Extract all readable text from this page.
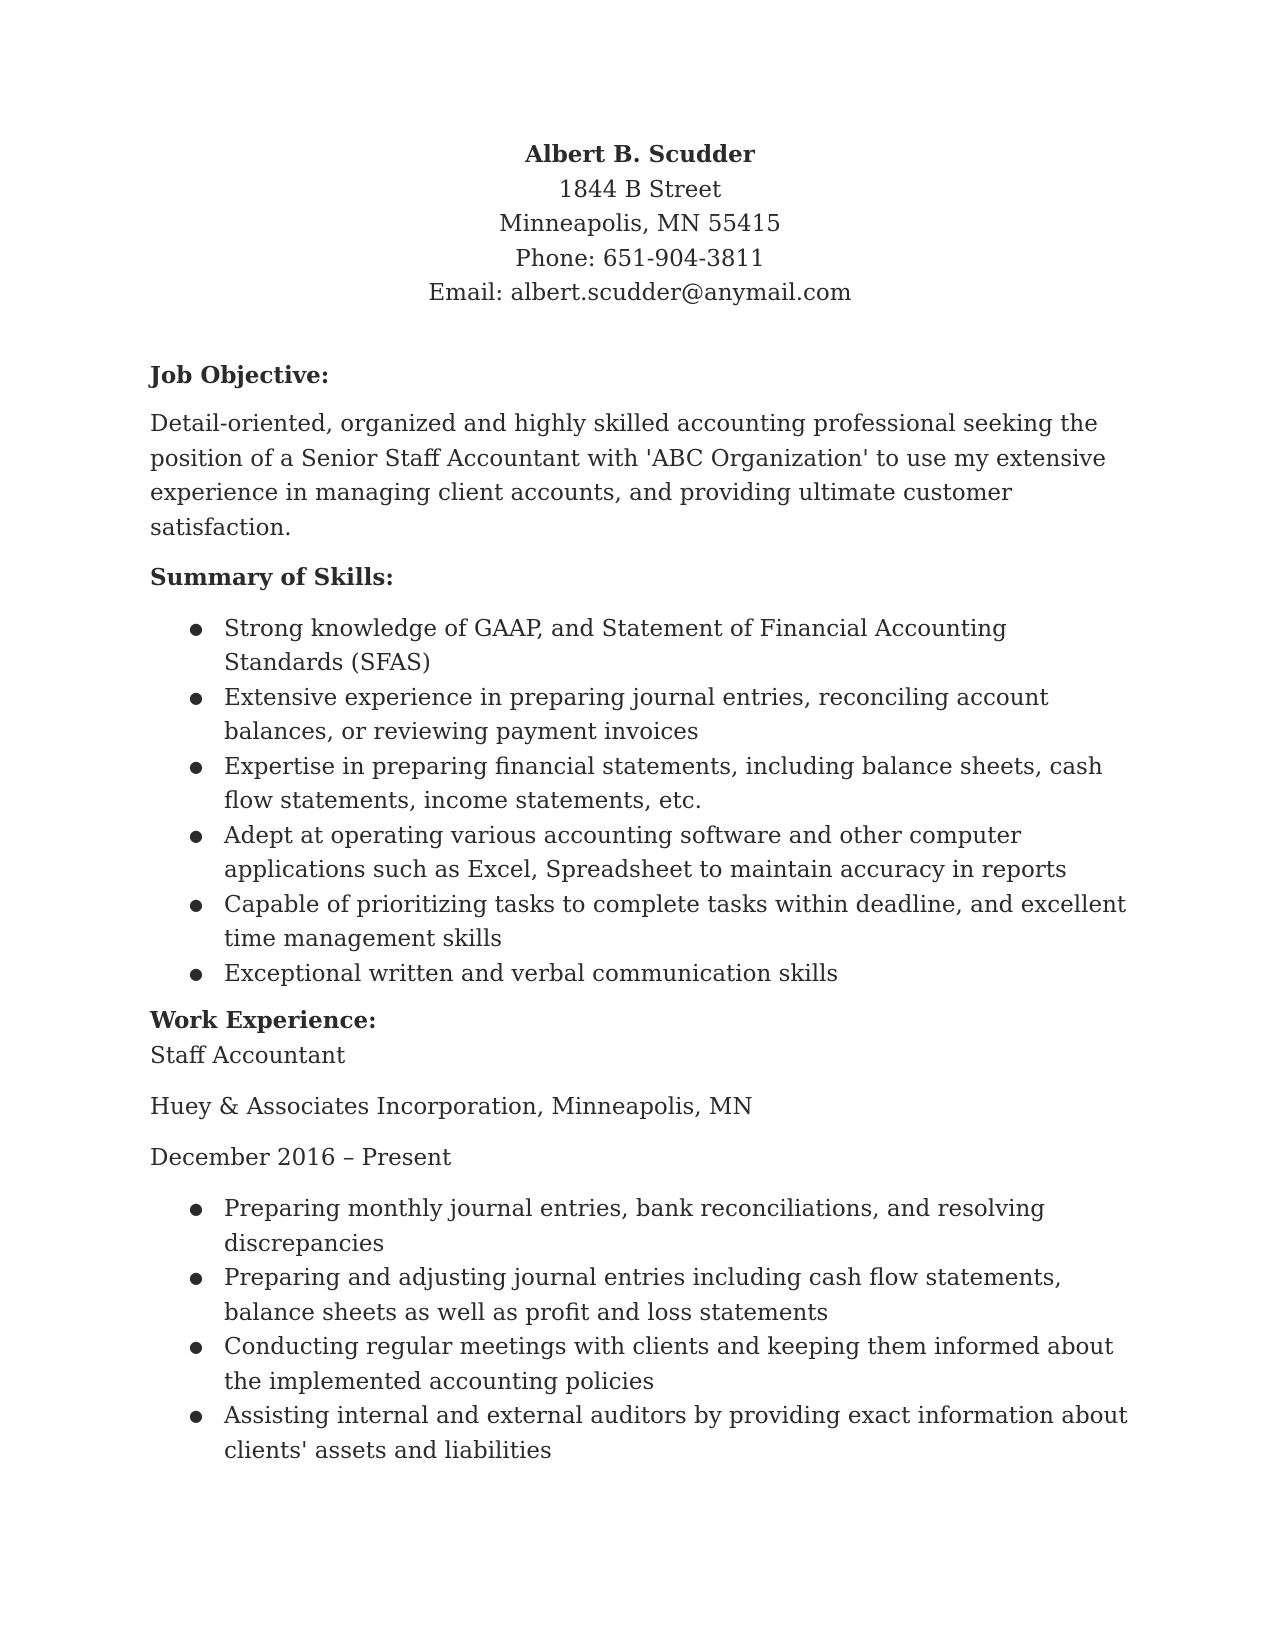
Albert B. Scudder
1844 B Street
Minneapolis, MN 55415
Phone: 651-904-3811
Email: albert.scudder@anymail.com

Job Objective:

Detail-oriented, organized and highly skilled accounting professional seeking the position of a Senior Staff Accountant with 'ABC Organization' to use my extensive experience in managing client accounts, and providing ultimate customer satisfaction.

Summary of Skills:

● Strong knowledge of GAAP, and Statement of Financial Accounting Standards (SFAS)
● Extensive experience in preparing journal entries, reconciling account balances, or reviewing payment invoices
● Expertise in preparing financial statements, including balance sheets, cash flow statements, income statements, etc.
● Adept at operating various accounting software and other computer applications such as Excel, Spreadsheet to maintain accuracy in reports
● Capable of prioritizing tasks to complete tasks within deadline, and excellent time management skills
● Exceptional written and verbal communication skills

Work Experience:

Staff Accountant

Huey & Associates Incorporation, Minneapolis, MN

December 2016 – Present

● Preparing monthly journal entries, bank reconciliations, and resolving discrepancies
● Preparing and adjusting journal entries including cash flow statements, balance sheets as well as profit and loss statements
● Conducting regular meetings with clients and keeping them informed about the implemented accounting policies
● Assisting internal and external auditors by providing exact information about clients' assets and liabilities
